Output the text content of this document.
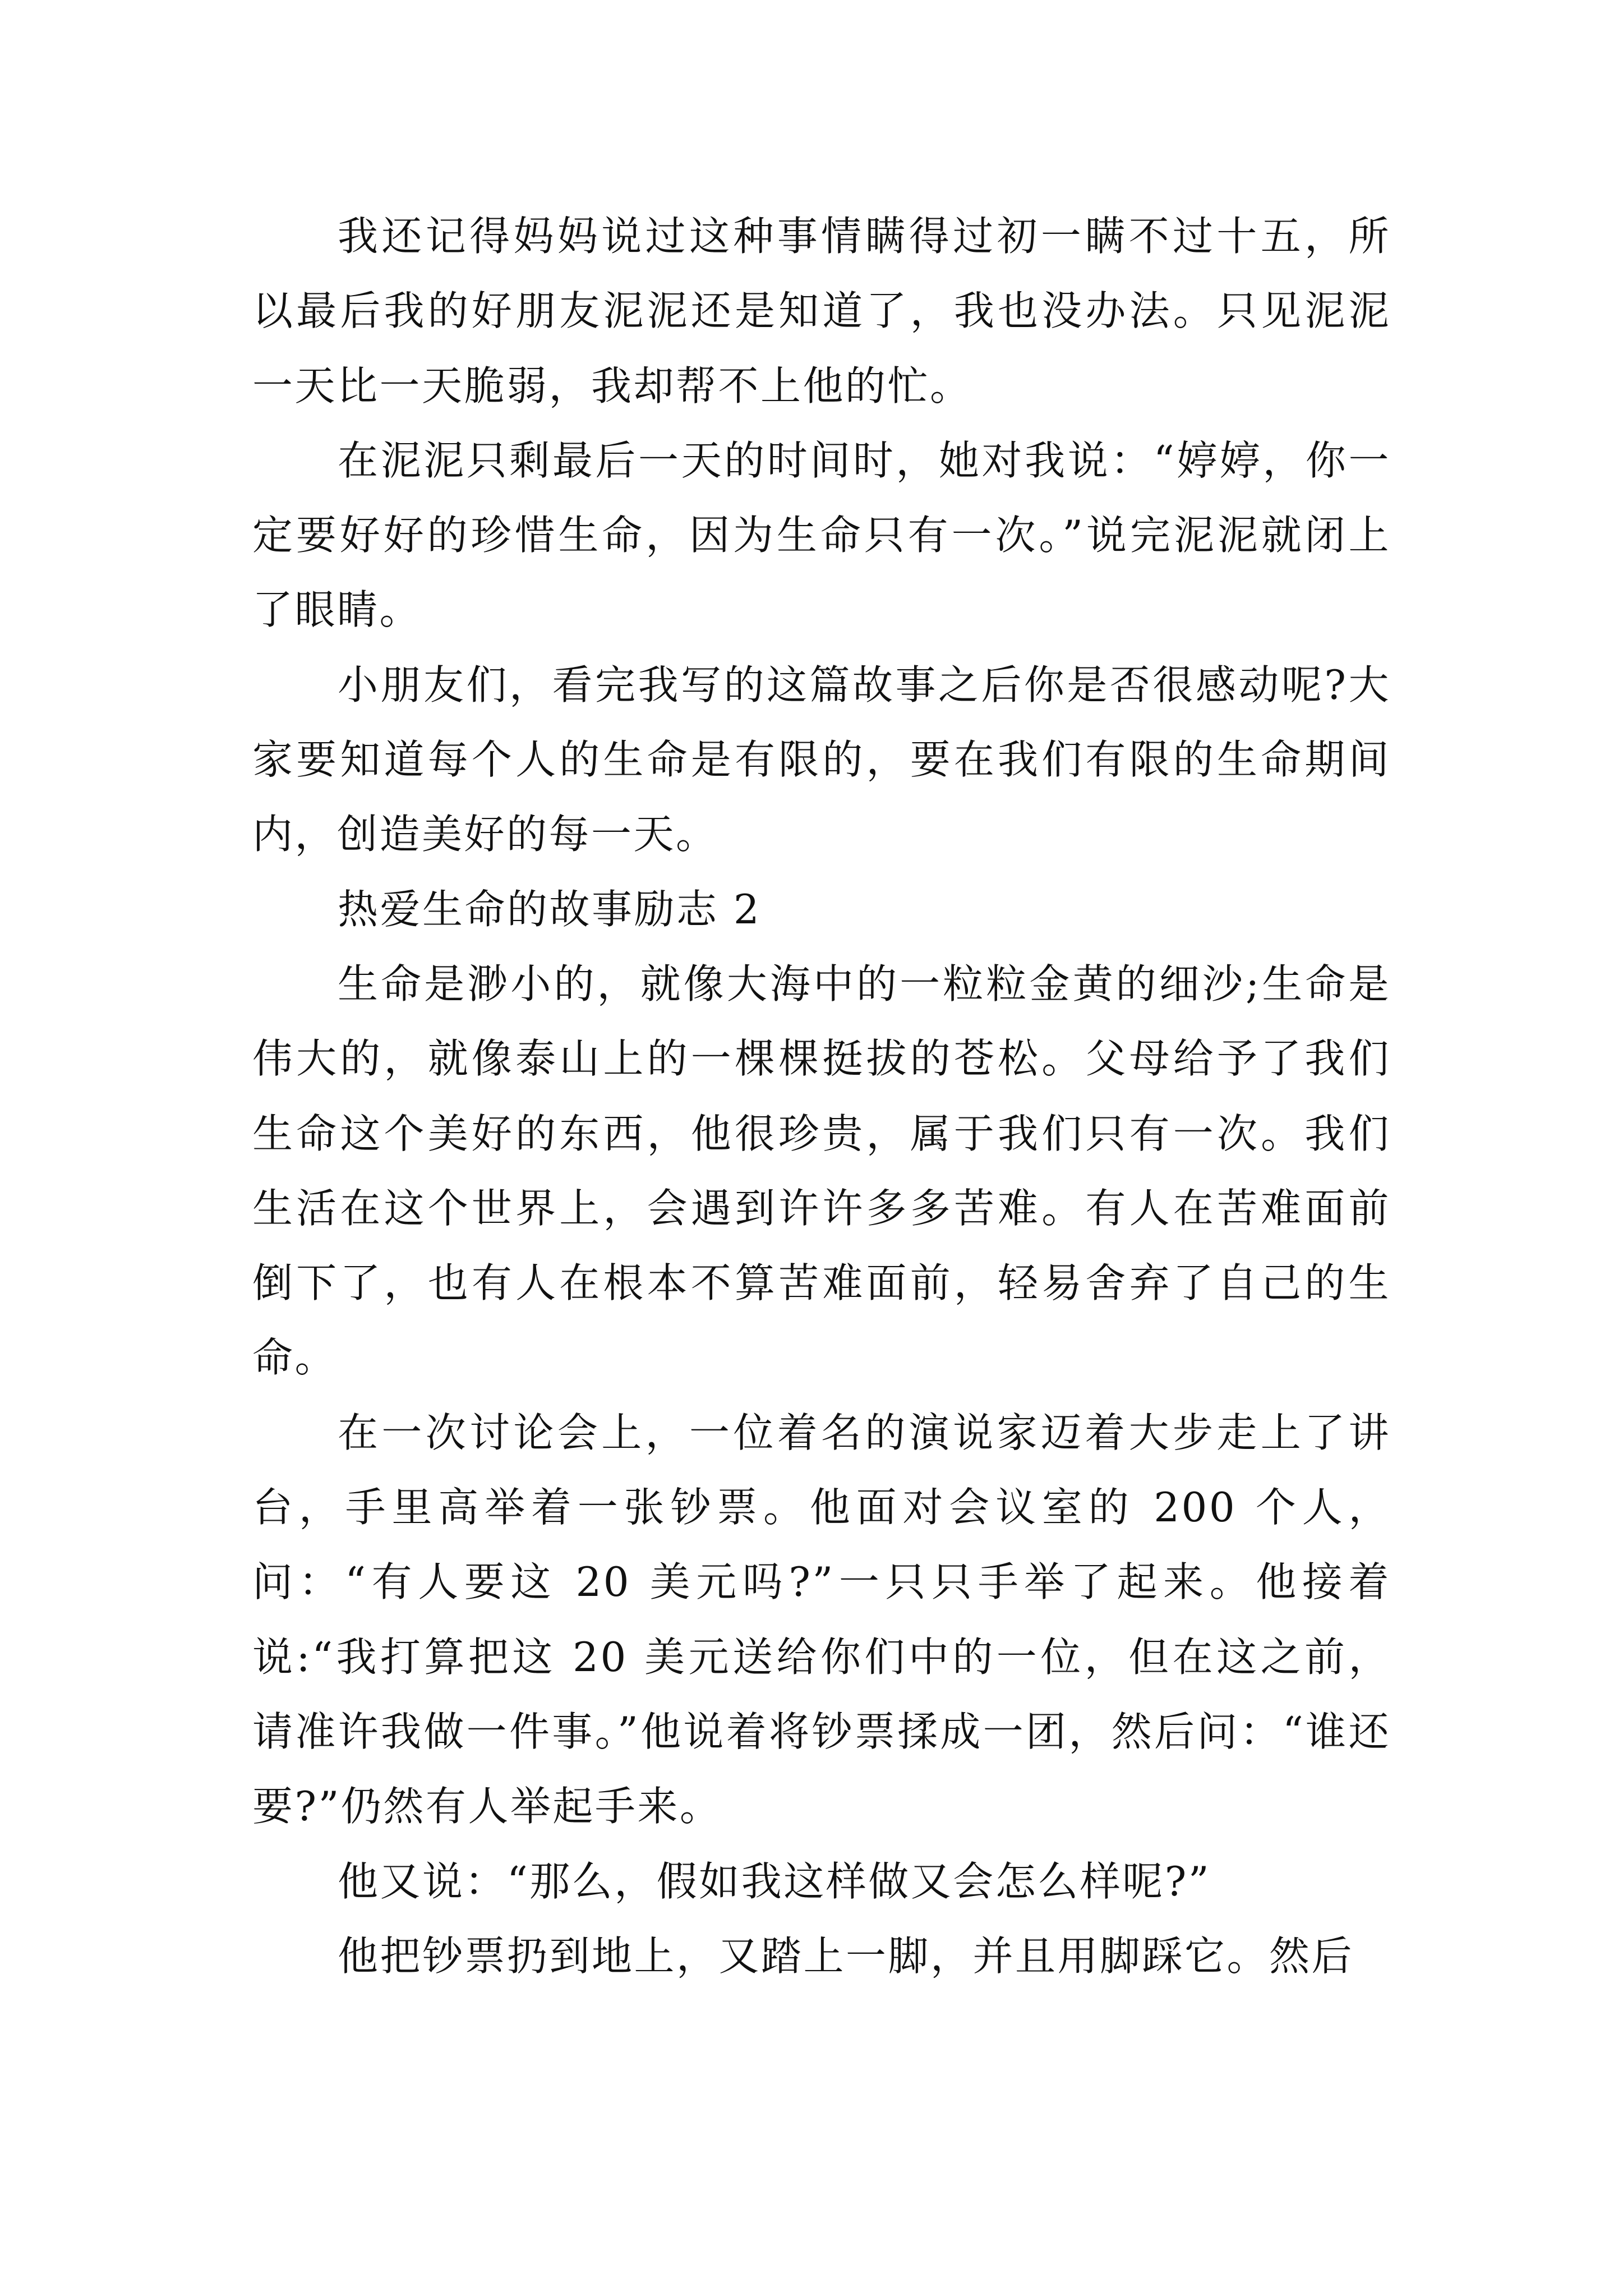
我还记得妈妈说过这种事情瞒得过初一瞒不过十五，所以最后我的好朋友泥泥还是知道了，我也没办法。只见泥泥一天比一天脆弱，我却帮不上他的忙。

在泥泥只剩最后一天的时间时，她对我说：“婷婷，你一定要好好的珍惜生命，因为生命只有一次。”说完泥泥就闭上了眼睛。

小朋友们，看完我写的这篇故事之后你是否很感动呢?大家要知道每个人的生命是有限的，要在我们有限的生命期间内，创造美好的每一天。

热爱生命的故事励志 2

生命是渺小的，就像大海中的一粒粒金黄的细沙;生命是伟大的，就像泰山上的一棵棵挺拔的苍松。父母给予了我们生命这个美好的东西，他很珍贵，属于我们只有一次。我们生活在这个世界上，会遇到许许多多苦难。有人在苦难面前倒下了，也有人在根本不算苦难面前，轻易舍弃了自己的生命。

在一次讨论会上，一位着名的演说家迈着大步走上了讲台，手里高举着一张钞票。他面对会议室的 200 个人，问：“有人要这 20 美元吗?”一只只手举了起来。他接着说:“我打算把这 20 美元送给你们中的一位，但在这之前，请准许我做一件事。”他说着将钞票揉成一团，然后问：“谁还要?”仍然有人举起手来。

他又说：“那么，假如我这样做又会怎么样呢?”

他把钞票扔到地上，又踏上一脚，并且用脚踩它。然后
